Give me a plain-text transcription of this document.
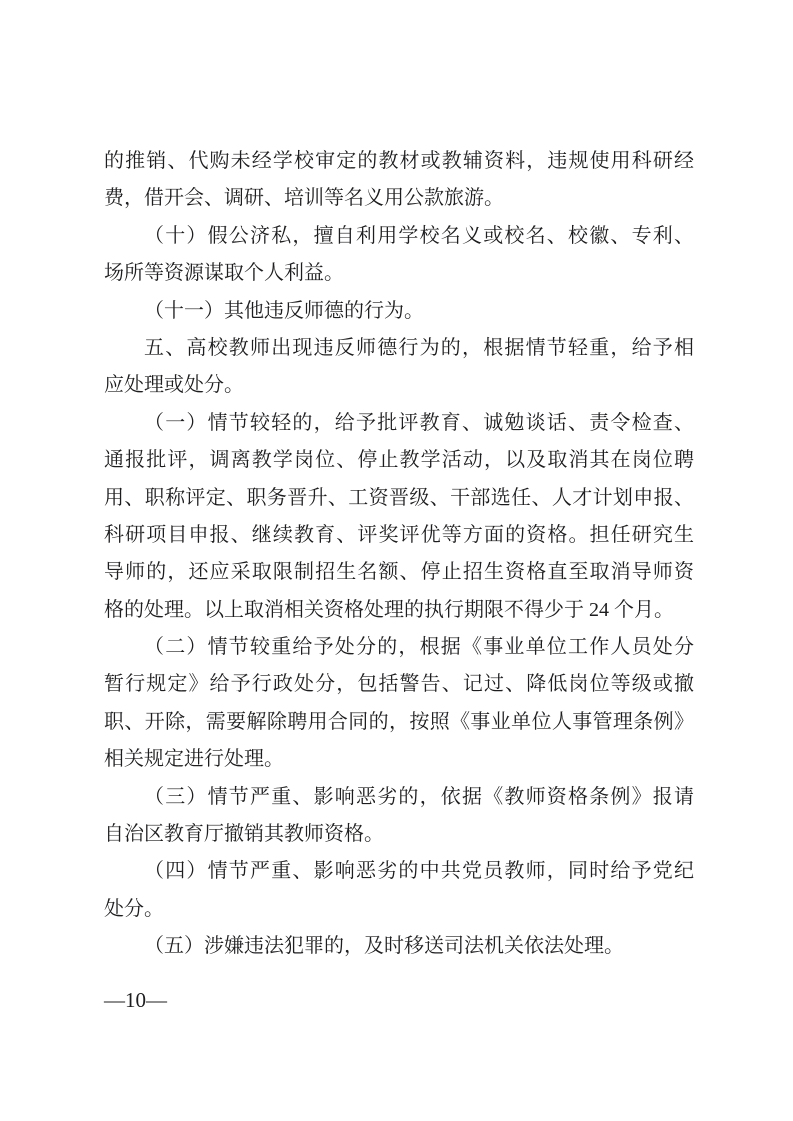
的推销、代购未经学校审定的教材或教辅资料，违规使用科研经
费，借开会、调研、培训等名义用公款旅游。
（十）假公济私，擅自利用学校名义或校名、校徽、专利、
场所等资源谋取个人利益。
（十一）其他违反师德的行为。
五、高校教师出现违反师德行为的，根据情节轻重，给予相
应处理或处分。
（一）情节较轻的，给予批评教育、诚勉谈话、责令检查、
通报批评，调离教学岗位、停止教学活动，以及取消其在岗位聘
用、职称评定、职务晋升、工资晋级、干部选任、人才计划申报、
科研项目申报、继续教育、评奖评优等方面的资格。担任研究生
导师的，还应采取限制招生名额、停止招生资格直至取消导师资
格的处理。以上取消相关资格处理的执行期限不得少于 24 个月。
（二）情节较重给予处分的，根据《事业单位工作人员处分
暂行规定》给予行政处分，包括警告、记过、降低岗位等级或撤
职、开除，需要解除聘用合同的，按照《事业单位人事管理条例》
相关规定进行处理。
（三）情节严重、影响恶劣的，依据《教师资格条例》报请
自治区教育厅撤销其教师资格。
（四）情节严重、影响恶劣的中共党员教师，同时给予党纪
处分。
（五）涉嫌违法犯罪的，及时移送司法机关依法处理。
—10—
